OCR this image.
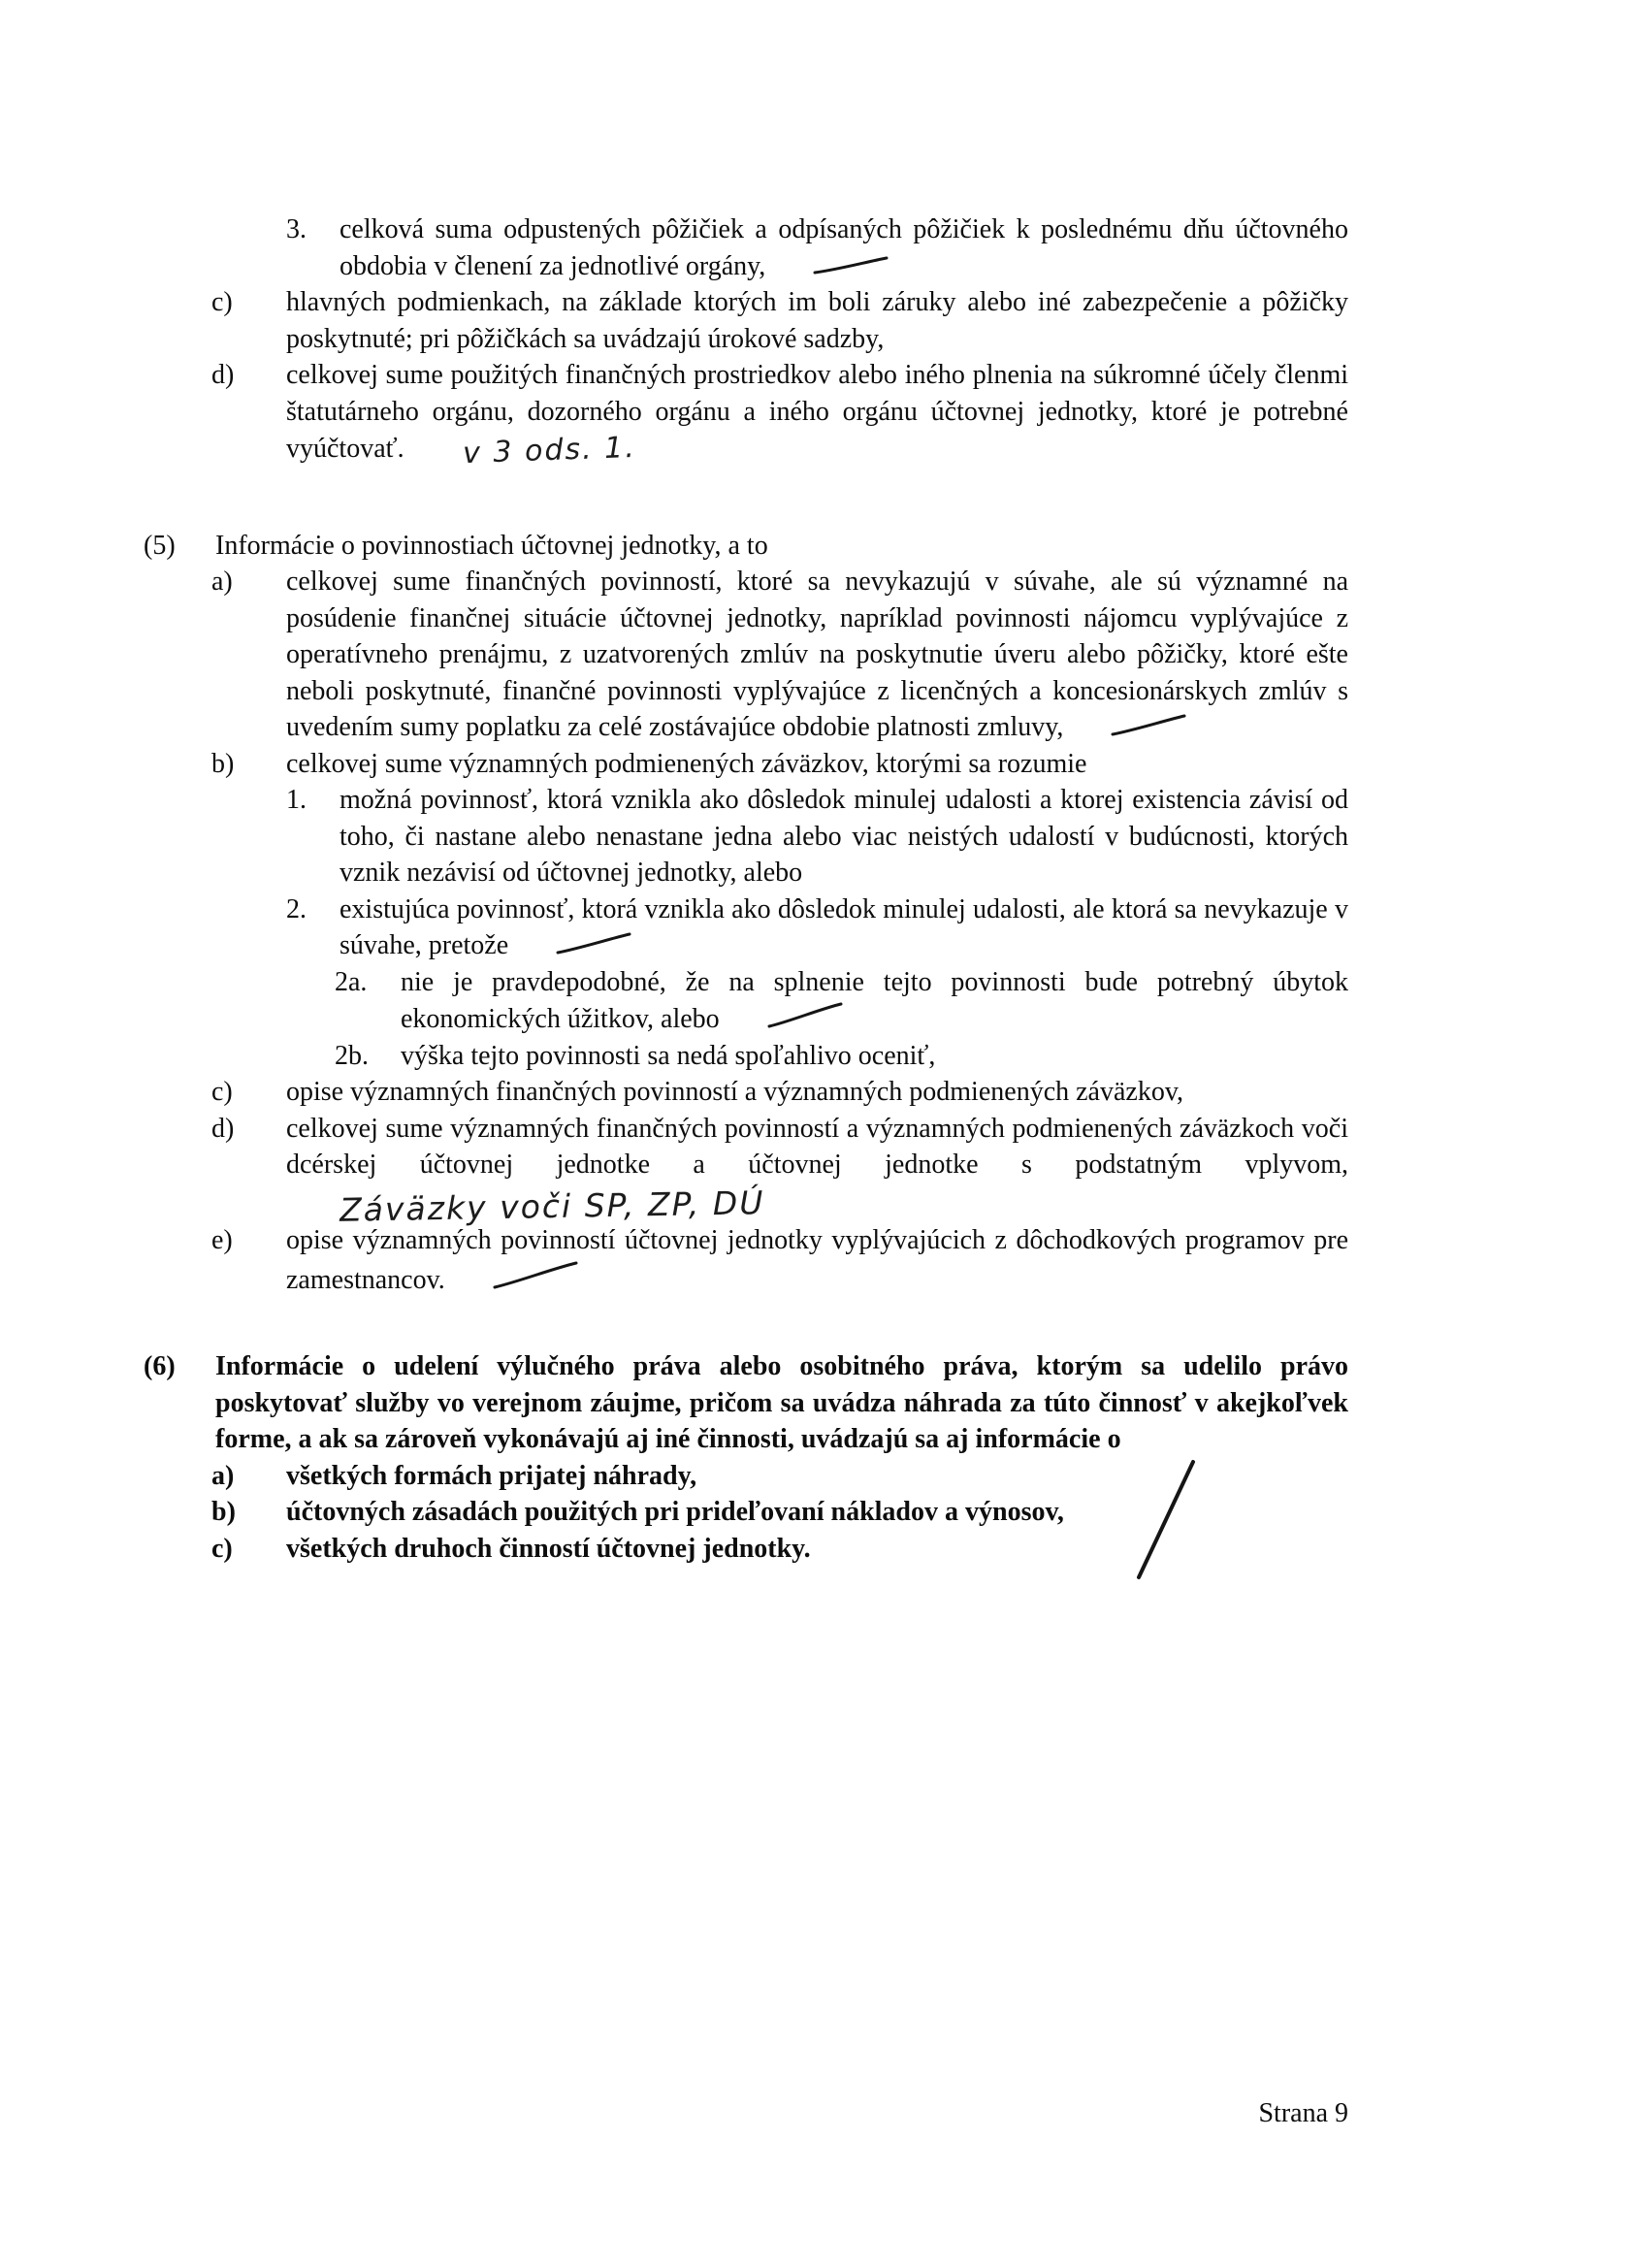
3. celková suma odpustených pôžičiek a odpísaných pôžičiek k poslednému dňu účtovného obdobia v členení za jednotlivé orgány,
c) hlavných podmienkach, na základe ktorých im boli záruky alebo iné zabezpečenie a pôžičky poskytnuté; pri pôžičkách sa uvádzajú úrokové sadzby,
d) celkovej sume použitých finančných prostriedkov alebo iného plnenia na súkromné účely členmi štatutárneho orgánu, dozorného orgánu a iného orgánu účtovnej jednotky, ktoré je potrebné vyúčtovať. v 3 ods. 1.
(5) Informácie o povinnostiach účtovnej jednotky, a to
a) celkovej sume finančných povinností, ktoré sa nevykazujú v súvahe, ale sú významné na posúdenie finančnej situácie účtovnej jednotky, napríklad povinnosti nájomcu vyplývajúce z operatívneho prenájmu, z uzatvorených zmlúv na poskytnutie úveru alebo pôžičky, ktoré ešte neboli poskytnuté, finančné povinnosti vyplývajúce z licenčných a koncesionárskych zmlúv s uvedením sumy poplatku za celé zostávajúce obdobie platnosti zmluvy,
b) celkovej sume významných podmienených záväzkov, ktorými sa rozumie
1. možná povinnosť, ktorá vznikla ako dôsledok minulej udalosti a ktorej existencia závisí od toho, či nastane alebo nenastane jedna alebo viac neistých udalostí v budúcnosti, ktorých vznik nezávisí od účtovnej jednotky, alebo
2. existujúca povinnosť, ktorá vznikla ako dôsledok minulej udalosti, ale ktorá sa nevykazuje v súvahe, pretože
2a. nie je pravdepodobné, že na splnenie tejto povinnosti bude potrebný úbytok ekonomických úžitkov, alebo
2b. výška tejto povinnosti sa nedá spoľahlivo oceniť,
c) opise významných finančných povinností a významných podmienených záväzkov,
d) celkovej sume významných finančných povinností a významných podmienených záväzkoch voči dcérskej účtovnej jednotke a účtovnej jednotke s podstatným vplyvom,Záväzky voči SP, ZP, DÚ
e) opise významných povinností účtovnej jednotky vyplývajúcich z dôchodkových programov pre zamestnancov.
(6) Informácie o udelení výlučného práva alebo osobitného práva, ktorým sa udelilo právo poskytovať služby vo verejnom záujme, pričom sa uvádza náhrada za túto činnosť v akejkoľvek forme, a ak sa zároveň vykonávajú aj iné činnosti, uvádzajú sa aj informácie o
a) všetkých formách prijatej náhrady,
b) účtovných zásadách použitých pri prideľovaní nákladov a výnosov,
c) všetkých druhoch činností účtovnej jednotky.
Strana 9
